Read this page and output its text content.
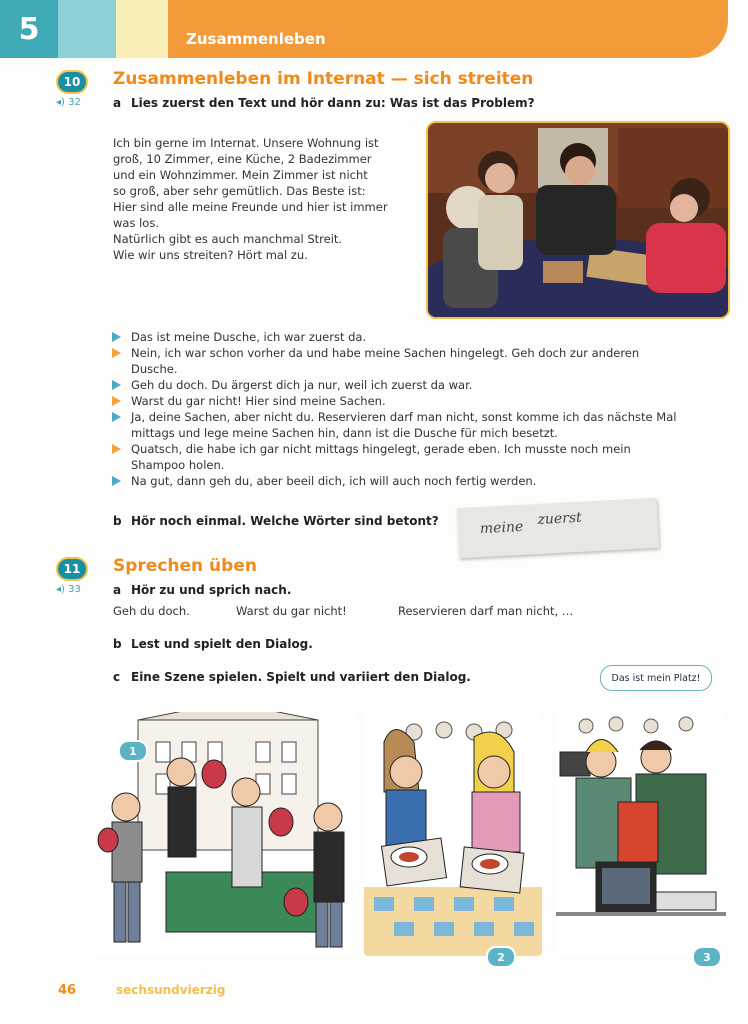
5	Zusammenleben
10
◂) 32
Zusammenleben im Internat — sich streiten
a Lies zuerst den Text und hör dann zu: Was ist das Problem?
Ich bin gerne im Internat. Unsere Wohnung ist
groß, 10 Zimmer, eine Küche, 2 Badezimmer
und ein Wohnzimmer. Mein Zimmer ist nicht
so groß, aber sehr gemütlich. Das Beste ist:
Hier sind alle meine Freunde und hier ist immer
was los.
Natürlich gibt es auch manchmal Streit.
Wie wir uns streiten? Hört mal zu.
Das ist meine Dusche, ich war zuerst da.
Nein, ich war schon vorher da und habe meine Sachen hingelegt. Geh doch zur anderen Dusche.
Geh du doch. Du ärgerst dich ja nur, weil ich zuerst da war.
Warst du gar nicht! Hier sind meine Sachen.
Ja, deine Sachen, aber nicht du. Reservieren darf man nicht, sonst komme ich das nächste Mal mittags und lege meine Sachen hin, dann ist die Dusche für mich besetzt.
Quatsch, die habe ich gar nicht mittags hingelegt, gerade eben. Ich musste noch mein Shampoo holen.
Na gut, dann geh du, aber beeil dich, ich will auch noch fertig werden.
b Hör noch einmal. Welche Wörter sind betont?	meine zuerst
11
◂) 33
Sprechen üben
a Hör zu und sprich nach.
Geh du doch.	Warst du gar nicht!	Reservieren darf man nicht, …
b Lest und spielt den Dialog.
c Eine Szene spielen. Spielt und variiert den Dialog.
1
2
Das ist mein Platz!
3
46	sechsundvierzig
